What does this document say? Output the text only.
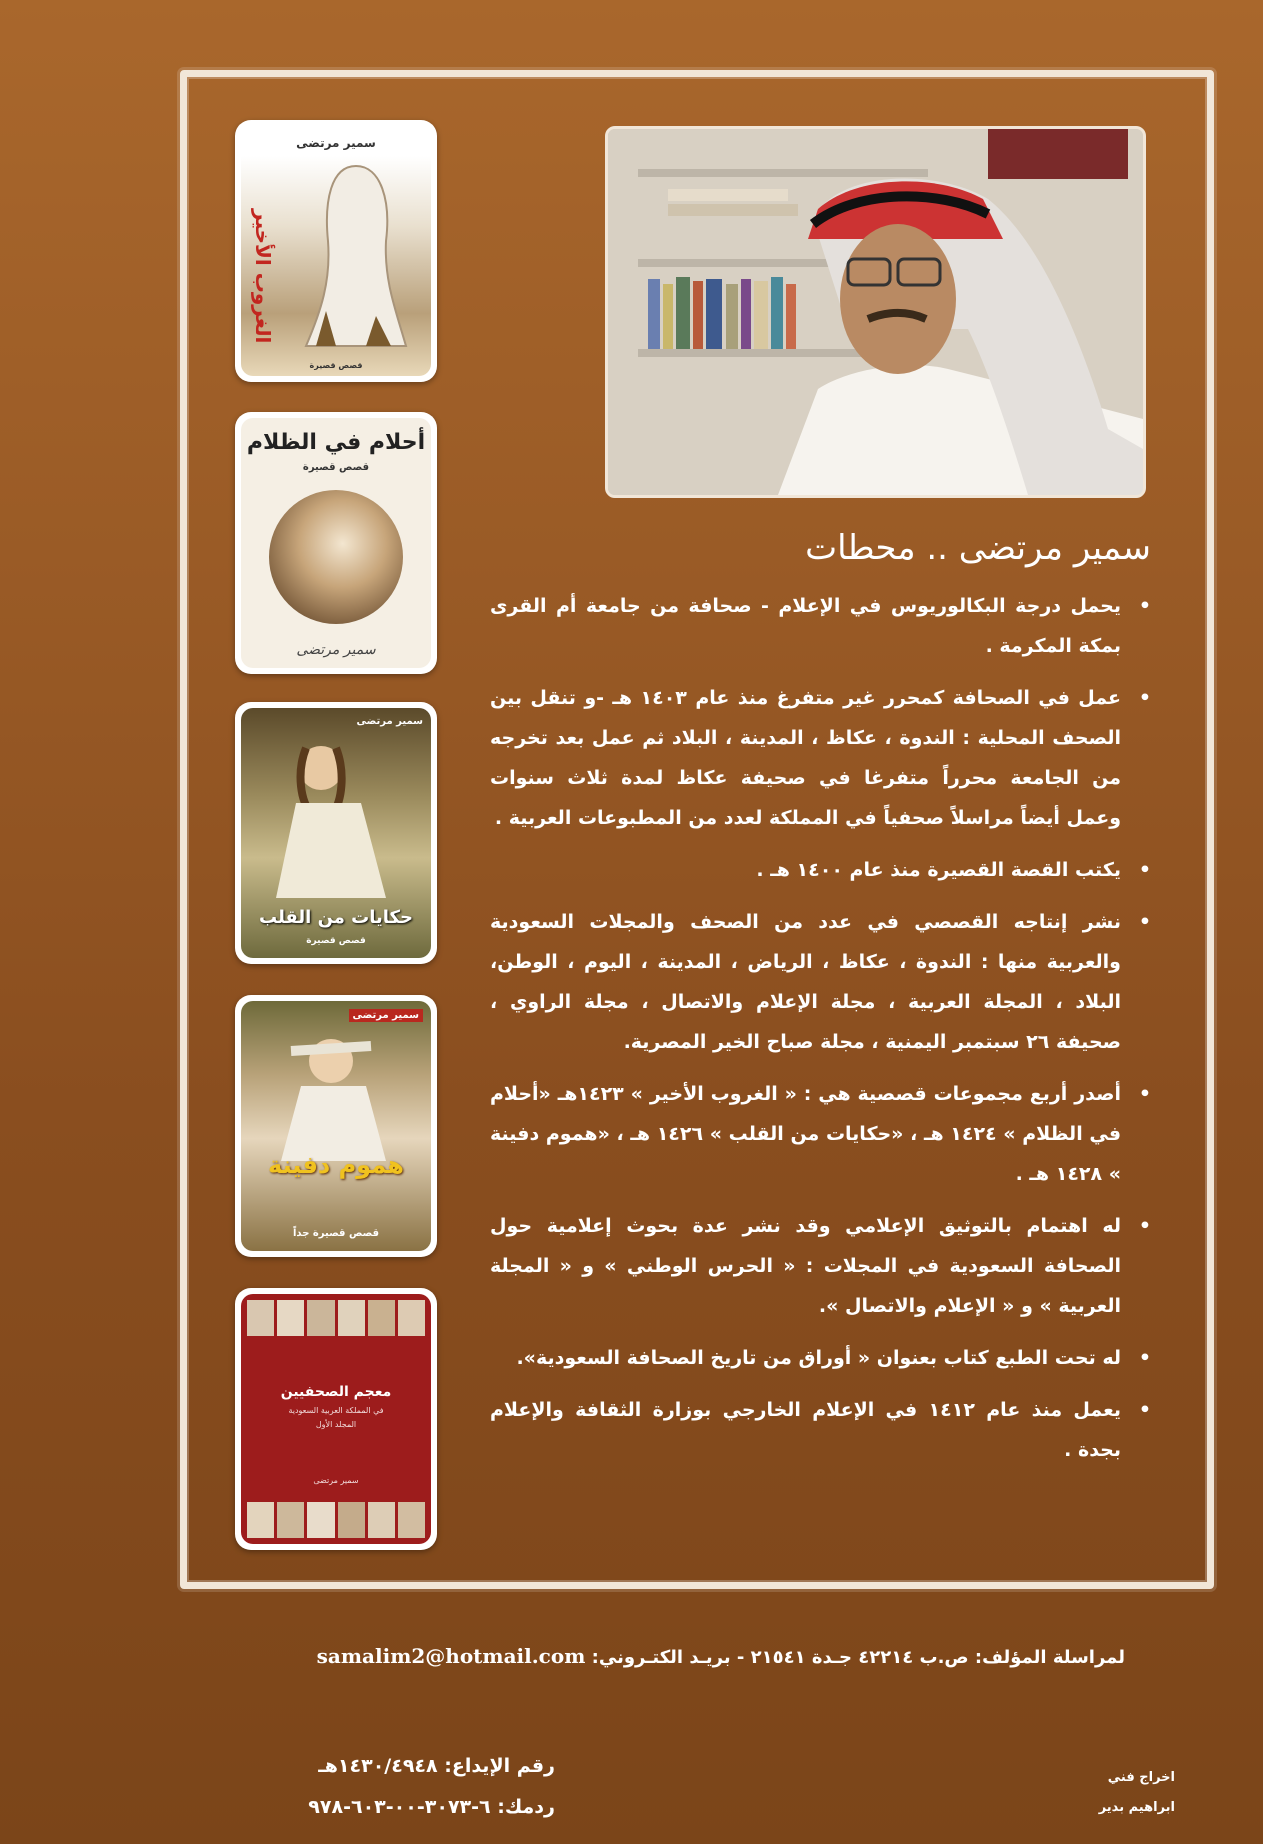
سمير مرتضى
الغروب الأخير
قصص قصيرة
أحلام في الظلام
قصص قصيرة
سمير مرتضى
سمير مرتضى
حكايات من القلب
قصص قصيرة
سمير مرتضى
هموم دفينة
قصص قصيرة جداً
معجم الصحفيين
في المملكة العربية السعودية
المجلد الأول
سمير مرتضى
سمير مرتضى .. محطات
• يحمل درجة البكالوريوس في الإعلام - صحافة من جامعة أم القرى بمكة المكرمة .
• عمل في الصحافة كمحرر غير متفرغ منذ عام ١٤٠٣ هـ -و تنقل بين الصحف المحلية : الندوة ، عكاظ ، المدينة ، البلاد ثم عمل بعد تخرجه من الجامعة محرراً متفرغا في صحيفة عكاظ لمدة ثلاث سنوات وعمل أيضاً مراسلاً صحفياً في المملكة لعدد من المطبوعات العربية .
• يكتب القصة القصيرة منذ عام ١٤٠٠ هـ .
• نشر إنتاجه القصصي في عدد من الصحف والمجلات السعودية والعربية منها : الندوة ، عكاظ ، الرياض ، المدينة ، اليوم ، الوطن، البلاد ، المجلة العربية ، مجلة الإعلام والاتصال ، مجلة الراوي ، صحيفة ٢٦ سبتمبر اليمنية ، مجلة صباح الخير المصرية.
• أصدر أربع مجموعات قصصية هي : « الغروب الأخير » ١٤٢٣هـ «أحلام في الظلام » ١٤٢٤ هـ ، «حكايات من القلب » ١٤٢٦ هـ ، «هموم دفينة » ١٤٢٨ هـ .
• له اهتمام بالتوثيق الإعلامي وقد نشر عدة بحوث إعلامية حول الصحافة السعودية في المجلات : « الحرس الوطني » و « المجلة العربية » و « الإعلام والاتصال ».
• له تحت الطبع كتاب بعنوان « أوراق من تاريخ الصحافة السعودية».
• يعمل منذ عام ١٤١٢ في الإعلام الخارجي بوزارة الثقافة والإعلام بجدة .
لمراسلة المؤلف: ص.ب ٤٢٢١٤ جـدة ٢١٥٤١ - بريـد الكتـروني: samalim2@hotmail.com
رقم الإيداع: ١٤٣٠/٤٩٤٨هـ
ردمك: ٦-٣٠٧٣-٠٠-٦٠٣-٩٧٨
اخراج فني
ابراهيم بدير
